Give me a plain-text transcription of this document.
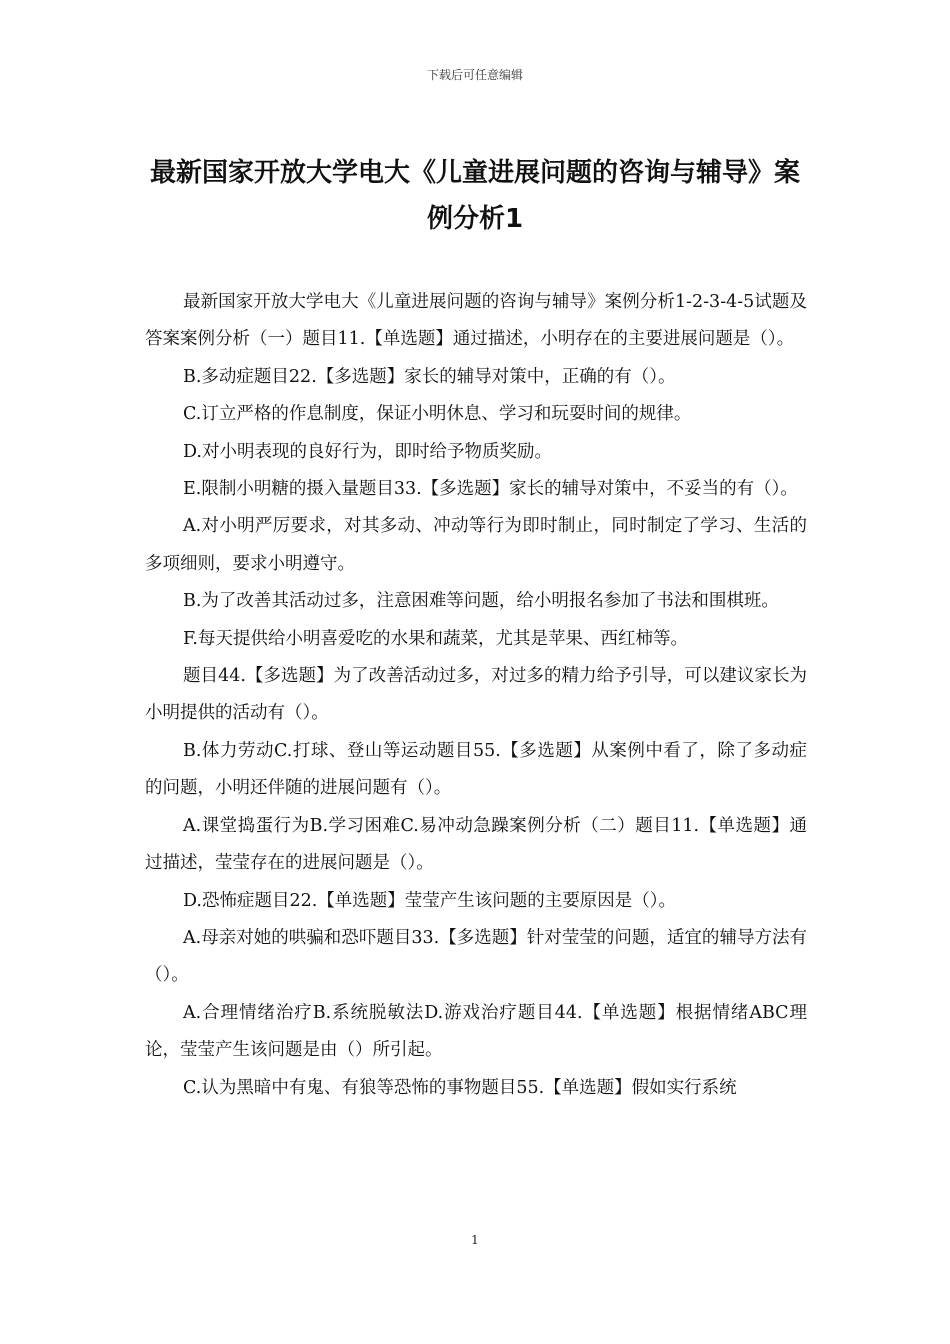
下载后可任意编辑
最新国家开放大学电大《儿童进展问题的咨询与辅导》案例分析1

最新国家开放大学电大《儿童进展问题的咨询与辅导》案例分析1-2-3-4-5试题及答案案例分析（一）题目11.【单选题】通过描述，小明存在的主要进展问题是（）。

B.多动症题目22.【多选题】家长的辅导对策中，正确的有（）。

C.订立严格的作息制度，保证小明休息、学习和玩耍时间的规律。

D.对小明表现的良好行为，即时给予物质奖励。

E.限制小明糖的摄入量题目33.【多选题】家长的辅导对策中，不妥当的有（）。

A.对小明严厉要求，对其多动、冲动等行为即时制止，同时制定了学习、生活的多项细则，要求小明遵守。

B.为了改善其活动过多，注意困难等问题，给小明报名参加了书法和围棋班。

F.每天提供给小明喜爱吃的水果和蔬菜，尤其是苹果、西红柿等。

题目44.【多选题】为了改善活动过多，对过多的精力给予引导，可以建议家长为小明提供的活动有（）。

B.体力劳动C.打球、登山等运动题目55.【多选题】从案例中看了，除了多动症的问题，小明还伴随的进展问题有（）。

A.课堂捣蛋行为B.学习困难C.易冲动急躁案例分析（二）题目11.【单选题】通过描述，莹莹存在的进展问题是（）。

D.恐怖症题目22.【单选题】莹莹产生该问题的主要原因是（）。

A.母亲对她的哄骗和恐吓题目33.【多选题】针对莹莹的问题，适宜的辅导方法有（）。

A.合理情绪治疗B.系统脱敏法D.游戏治疗题目44.【单选题】根据情绪ABC理论，莹莹产生该问题是由（）所引起。

C.认为黑暗中有鬼、有狼等恐怖的事物题目55.【单选题】假如实行系统

1
